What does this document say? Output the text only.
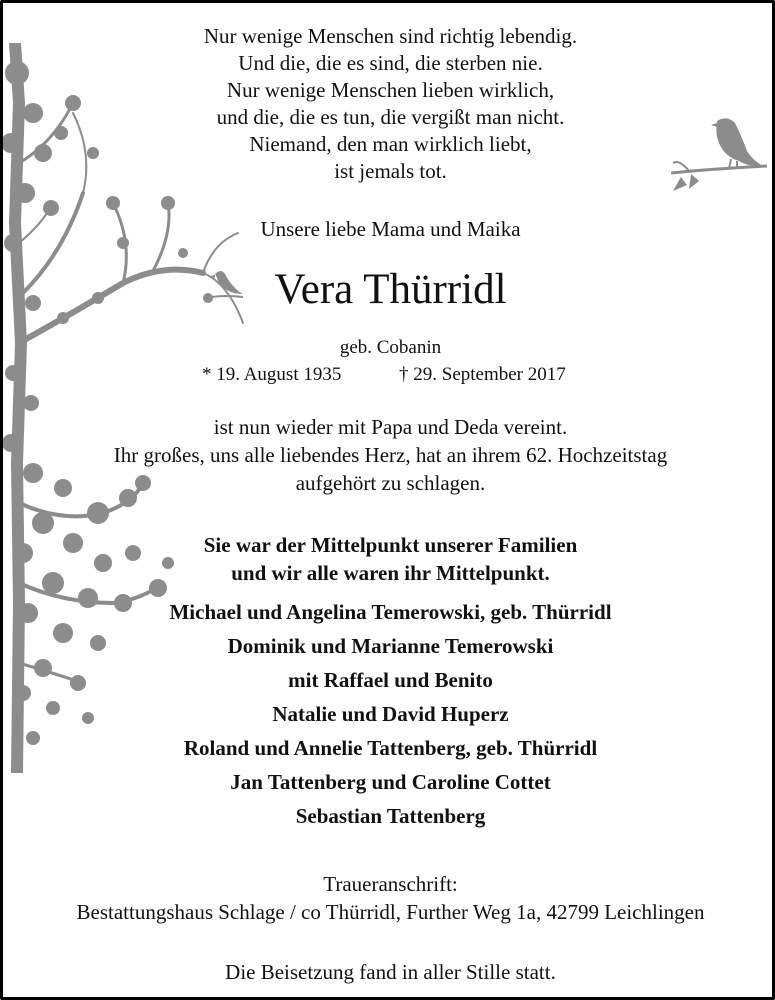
Nur wenige Menschen sind richtig lebendig.
Und die, die es sind, die sterben nie.
Nur wenige Menschen lieben wirklich,
und die, die es tun, die vergißt man nicht.
Niemand, den man wirklich liebt,
ist jemals tot.
Unsere liebe Mama und Maika
Vera Thürridl
geb. Cobanin
* 19. August 1935	† 29. September 2017
ist nun wieder mit Papa und Deda vereint.
Ihr großes, uns alle liebendes Herz, hat an ihrem 62. Hochzeitstag
aufgehört zu schlagen.
Sie war der Mittelpunkt unserer Familien
und wir alle waren ihr Mittelpunkt.
Michael und Angelina Temerowski, geb. Thürridl
Dominik und Marianne Temerowski
mit Raffael und Benito
Natalie und David Huperz
Roland und Annelie Tattenberg, geb. Thürridl
Jan Tattenberg und Caroline Cottet
Sebastian Tattenberg
Traueranschrift:
Bestattungshaus Schlage / co Thürridl, Further Weg 1a, 42799 Leichlingen
Die Beisetzung fand in aller Stille statt.
